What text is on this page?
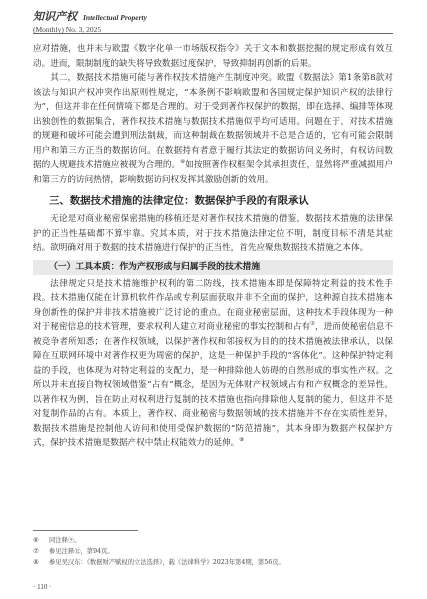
知识产权 Intellectual Property
(Monthly) No. 3, 2025

应对措施，也并未与欧盟《数字化单一市场版权指令》关于文本和数据挖掘的规定形成有效互动。进而，限制制度的缺失将导致数据过度保护，导致抑制再创新的后果。

其二，数据技术措施可能与著作权技术措施产生制度冲突。欧盟《数据法》第1条第8款对该法与知识产权冲突作出原则性规定，“本条例不影响欧盟和各国规定保护知识产权的法律行为”，但这并非在任何情境下都是合理的。对于受到著作权保护的数据，即在选择、编排等体现出独创性的数据集合，著作权技术措施与数据技术措施似乎均可适用。问题在于，对技术措施的规避和破坏可能会遭到刑法制裁，而这种制裁在数据领域并不总是合适的，它有可能会限制用户和第三方正当的数据访问。在数据持有者意于履行其法定的数据访问义务时，有权访问数据的人规避技术措施应被视为合理的。⑥如按照著作权框架令其承担责任，显然将严重减损用户和第三方的访问热情，影响数据访问权发挥其激励创新的效用。

三、数据技术措施的法律定位：数据保护手段的有限承认

无论是对商业秘密保密措施的移植还是对著作权技术措施的借鉴，数据技术措施的法律保护的正当性基础都不算牢靠。究其本质，对于技术措施法律定位不明，制度目标不清是其症结。欲明确对用于数据的技术措施进行保护的正当性，首先应聚焦数据技术措施之本体。

（一）工具本质：作为产权形成与归属手段的技术措施

法律规定只是技术措施维护权利的第二防线，技术措施本即是保障特定利益的技术性手段。技术措施仅能在计算机软件作品或专利层面获取并非不全面的保护，这种源自技术措施本身创新性的保护并非技术措施被广泛讨论的重点。在商业秘密层面，这种技术手段体现为一种对于秘密信息的技术管理，要求权利人建立对商业秘密的事实控制和占有⑦，进而使秘密信息不被竞争者所知悉；在著作权领域，以保护著作权和邻接权为目的的技术措施被法律承认，以保障在互联网环境中对著作权更为周密的保护，这是一种保护手段的“客体化”。这种保护特定利益的手段，也体现为对特定利益的支配力，是一种排除他人妨碍的自然形成的事实性产权。之所以并未直接自物权领域借鉴“占有”概念，是因为无体财产权领域占有和产权概念的差异性。以著作权为例，旨在防止对权利进行复制的技术措施也指向排除他人复制的能力，但这并不是对复制作品的占有。本质上，著作权、商业秘密与数据领域的技术措施并不存在实质性差异，数据技术措施是控制他人访问和使用受保护数据的“防范措施”，其本身即为数据产权保护方式，保护技术措施是数据产权中禁止权能效力的延伸。⑧

⑥ 同注释⑨。
⑦ 参见注释⑫，第94页。
⑧ 参见吴汉东：《数据财产赋权的立法选择》，载《法律科学》2023年第4期，第56页。
· 110 ·
